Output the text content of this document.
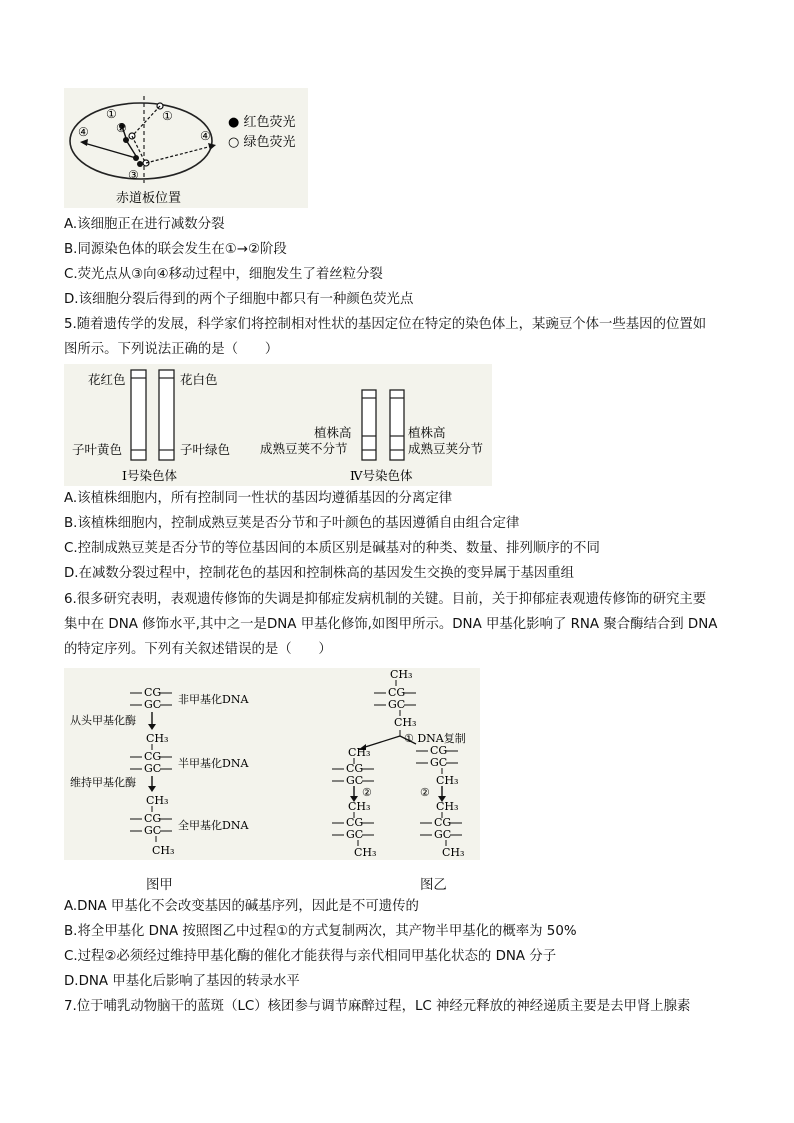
①
②
③
④
①
④
● 红色荧光
○ 绿色荧光
赤道板位置
A.该细胞正在进行减数分裂
B.同源染色体的联会发生在①→②阶段
C.荧光点从③向④移动过程中，细胞发生了着丝粒分裂
D.该细胞分裂后得到的两个子细胞中都只有一种颜色荧光点
5.随着遗传学的发展，科学家们将控制相对性状的基因定位在特定的染色体上，某豌豆个体一些基因的位置如
图所示。下列说法正确的是（　　）
花红色	花白色
子叶黄色	子叶绿色
Ⅰ号染色体
植株高
成熟豆荚不分节
植株高
成熟豆荚分节
Ⅳ号染色体
A.该植株细胞内，所有控制同一性状的基因均遵循基因的分离定律
B.该植株细胞内，控制成熟豆荚是否分节和子叶颜色的基因遵循自由组合定律
C.控制成熟豆荚是否分节的等位基因间的本质区别是碱基对的种类、数量、排列顺序的不同
D.在减数分裂过程中，控制花色的基因和控制株高的基因发生交换的变异属于基因重组
6.很多研究表明，表观遗传修饰的失调是抑郁症发病机制的关键。目前，关于抑郁症表观遗传修饰的研究主要
集中在 DNA 修饰水平,其中之一是DNA 甲基化修饰,如图甲所示。DNA 甲基化影响了 RNA 聚合酶结合到 DNA
的特定序列。下列有关叙述错误的是（　　）
CG
GC 非甲基化DNA
从头甲基化酶
CH₃
CG
GC 半甲基化DNA
维持甲基化酶
CH₃
CG
GC 全甲基化DNA
CH₃
CH₃
CG
GC
CH₃
① DNA复制
CH₃
CG
GC
②
CH₃
CG
GC
CH₃
CG
GC
CH₃
②
CH₃
CG
GC
CH₃
图甲	图乙
A.DNA 甲基化不会改变基因的碱基序列，因此是不可遗传的
B.将全甲基化 DNA 按照图乙中过程①的方式复制两次，其产物半甲基化的概率为 50%
C.过程②必须经过维持甲基化酶的催化才能获得与亲代相同甲基化状态的 DNA 分子
D.DNA 甲基化后影响了基因的转录水平
7.位于哺乳动物脑干的蓝斑（LC）核团参与调节麻醉过程，LC 神经元释放的神经递质主要是去甲肾上腺素
